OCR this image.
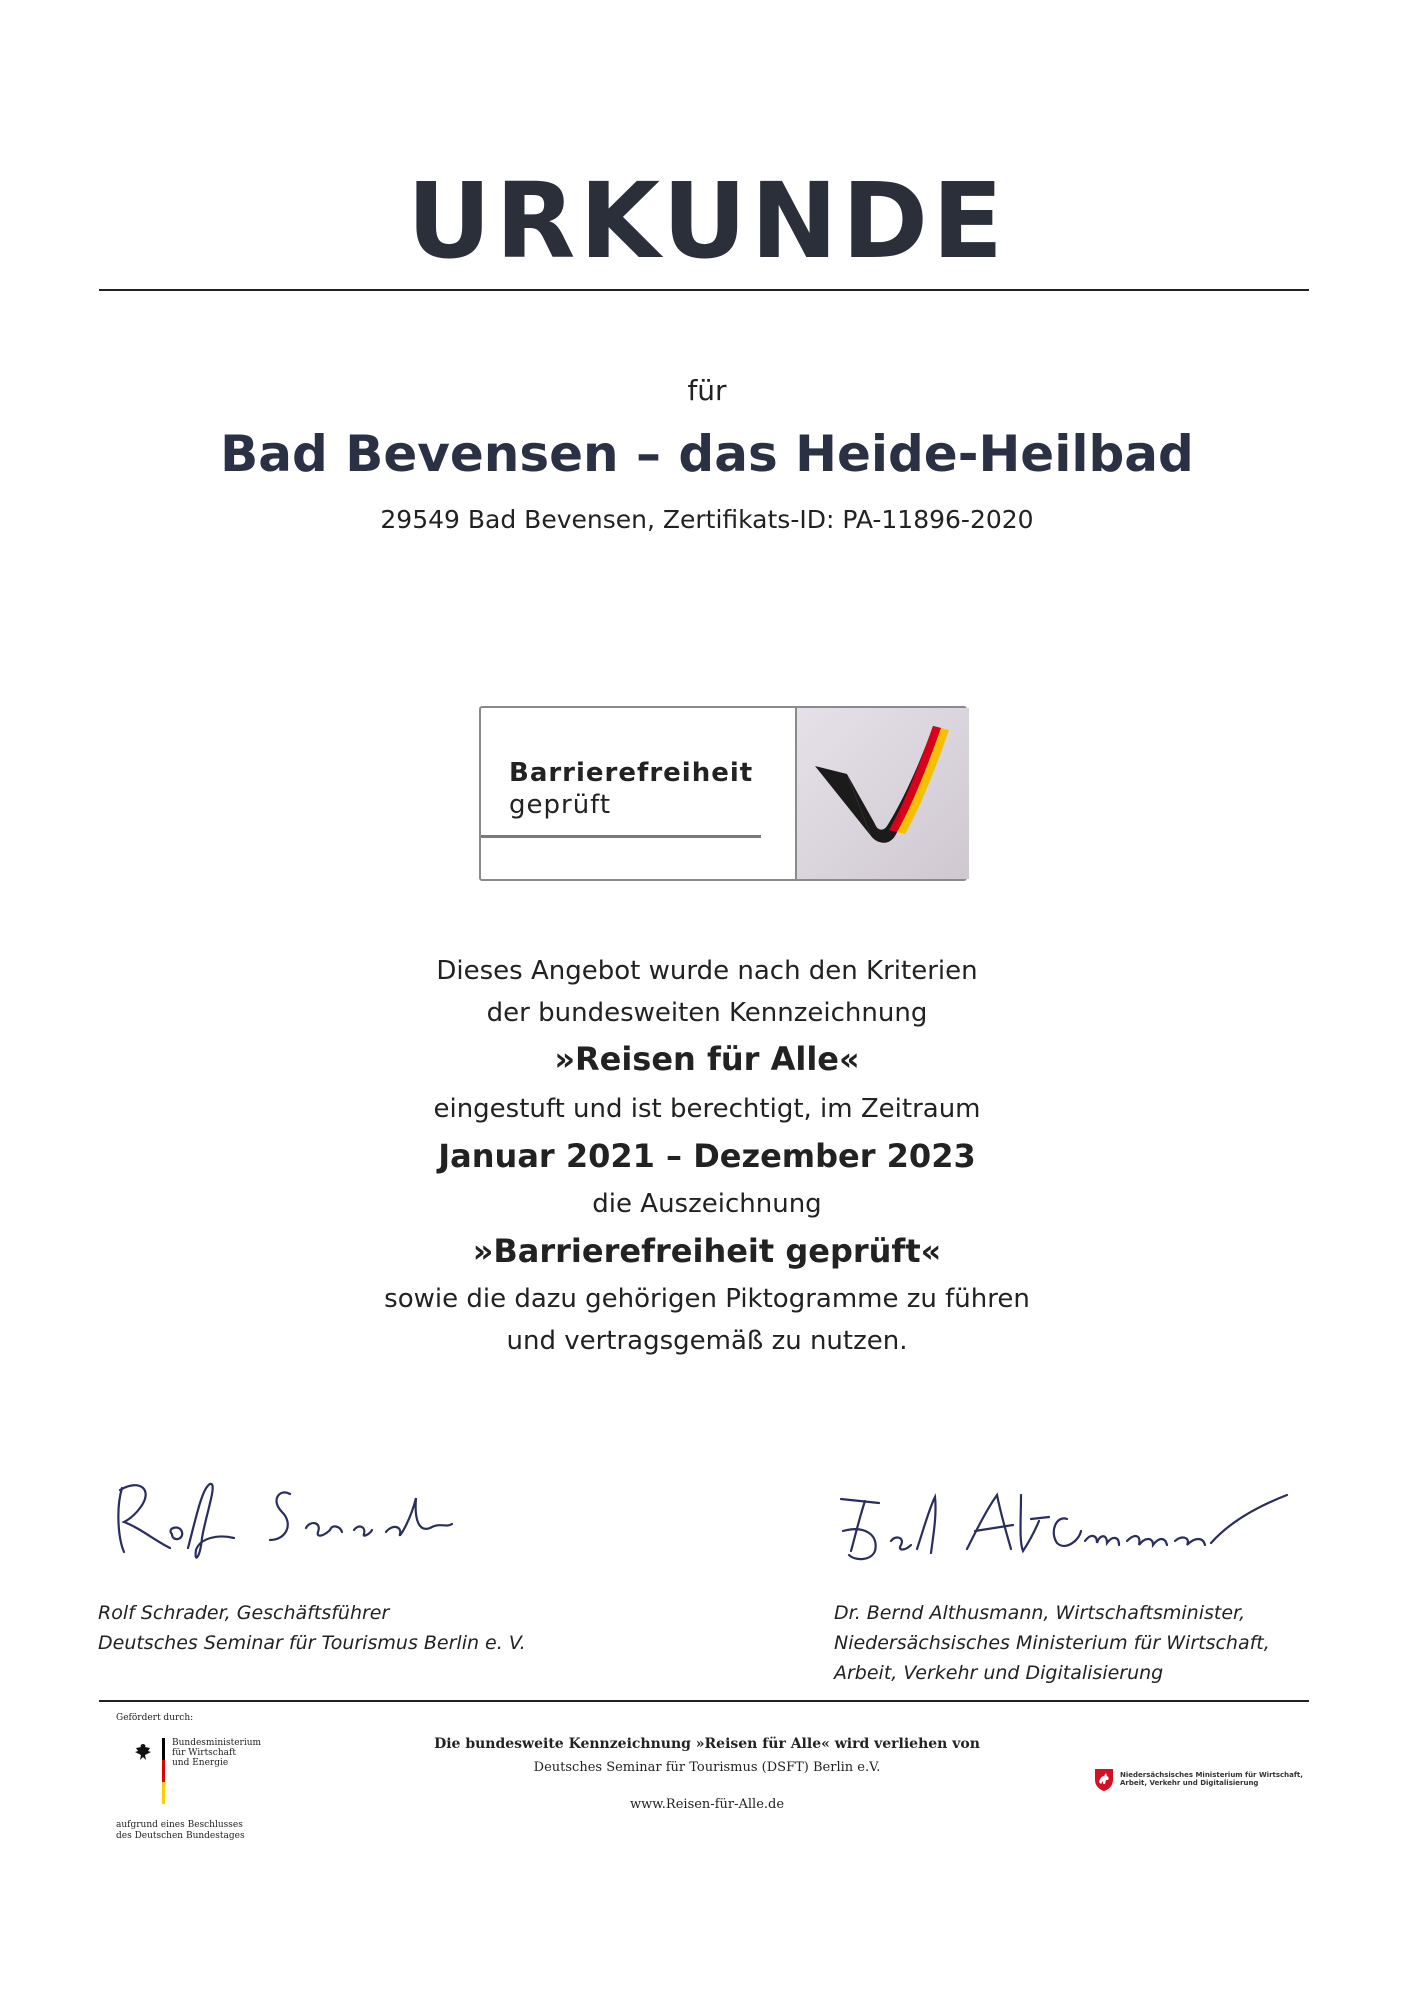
URKUNDE
für
Bad Bevensen – das Heide-Heilbad
29549 Bad Bevensen, Zertifikats-ID: PA-11896-2020
Barrierefreiheit
geprüft
Dieses Angebot wurde nach den Kriterien
der bundesweiten Kennzeichnung
»Reisen für Alle«
eingestuft und ist berechtigt, im Zeitraum
Januar 2021 – Dezember 2023
die Auszeichnung
»Barrierefreiheit geprüft«
sowie die dazu gehörigen Piktogramme zu führen
und vertragsgemäß zu nutzen.
Rolf Schrader, Geschäftsführer
Deutsches Seminar für Tourismus Berlin e. V.
Dr. Bernd Althusmann, Wirtschaftsminister,
Niedersächsisches Ministerium für Wirtschaft,
Arbeit, Verkehr und Digitalisierung
Gefördert durch:
Bundesministerium
für Wirtschaft
und Energie
aufgrund eines Beschlusses
des Deutschen Bundestages
Die bundesweite Kennzeichnung »Reisen für Alle« wird verliehen von
Deutsches Seminar für Tourismus (DSFT) Berlin e.V.
www.Reisen-für-Alle.de
Niedersächsisches Ministerium für Wirtschaft,
Arbeit, Verkehr und Digitalisierung
